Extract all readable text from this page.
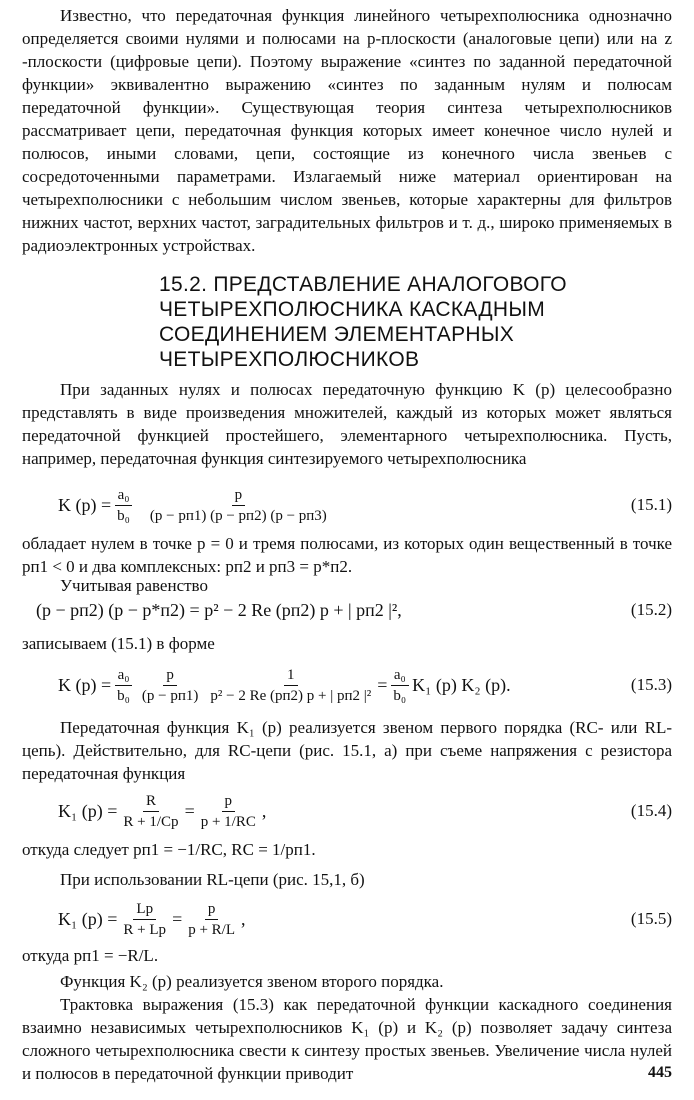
Известно, что передаточная функция линейного четырехполюсника однозначно определяется своими нулями и полюсами на p-плоскости (аналоговые цепи) или на z -плоскости (цифровые цепи). Поэтому выражение «синтез по заданной передаточной функции» эквивалентно выражению «синтез по заданным нулям и полюсам передаточной функции». Существующая теория синтеза четырехполюсников рассматривает цепи, передаточная функция которых имеет конечное число нулей и полюсов, иными словами, цепи, состоящие из конечного числа звеньев с сосредоточенными параметрами. Излагаемый ниже материал ориентирован на четырехполюсники с небольшим числом звеньев, которые характерны для фильтров нижних частот, верхних частот, заградительных фильтров и т. д., широко применяемых в радиоэлектронных устройствах.

15.2. ПРЕДСТАВЛЕНИЕ АНАЛОГОВОГО
ЧЕТЫРЕХПОЛЮСНИКА КАСКАДНЫМ
СОЕДИНЕНИЕМ ЭЛЕМЕНТАРНЫХ
ЧЕТЫРЕХПОЛЮСНИКОВ

При заданных нулях и полюсах передаточную функцию K (p) целесообразно представлять в виде произведения множителей, каждый из которых может являться передаточной функцией простейшего, элементарного четырехполюсника. Пусть, например, передаточная функция синтезируемого четырехполюсника

K $(p) = \frac{\text{a₀}}{\text{b₀}}$	p
(p − pп1) (p − pп2) (p − pп3)
(15.1)

обладает нулем в точке p = 0 и тремя полюсами, из которых один вещественный в точке pп1 < 0 и два комплексных: pп2 и pп3 = p*п2.

Учитывая равенство

(p − pп2) (p − p*п2) = p² − 2 Re (pп2) p + | pп2 |²,	(15.2)

записываем (15.1) в форме

K $(p) = \frac{\text{a₀}}{\text{b₀}}$ p
(p − pп1)
1
p² − 2 Re (pп2) p + | pп2 |²
= $\frac{\text{a₀}}{\text{b₀}} K_1$ (p) K₂ (p).	(15.3)

Передаточная функция K₁ (p) реализуется звеном первого порядка (RC- или RL-цепь). Действительно, для RC-цепи (рис. 15.1, а) при съеме напряжения с резистора передаточная функция

K₁ $(p) = \frac{R}{R + 1/Cp} = \frac{p}{p + 1/RC}$ ,	(15.4)

откуда следует pп1 = −1/RC, RC = 1/pп1.

При использовании RL-цепи (рис. 15,1, б)

K₁ $(p) = \frac{Lp}{R + Lp} = \frac{p}{p + R/L}$ ,	(15.5)

откуда pп1 = −R/L.

Функция K₂ (p) реализуется звеном второго порядка.

Трактовка выражения (15.3) как передаточной функции каскадного соединения взаимно независимых четырехполюсников K₁ (p) и K₂ (p) позволяет задачу синтеза сложного четырехполюсника свести к синтезу простых звеньев. Увеличение числа нулей и полюсов в передаточной функции приводит	445
